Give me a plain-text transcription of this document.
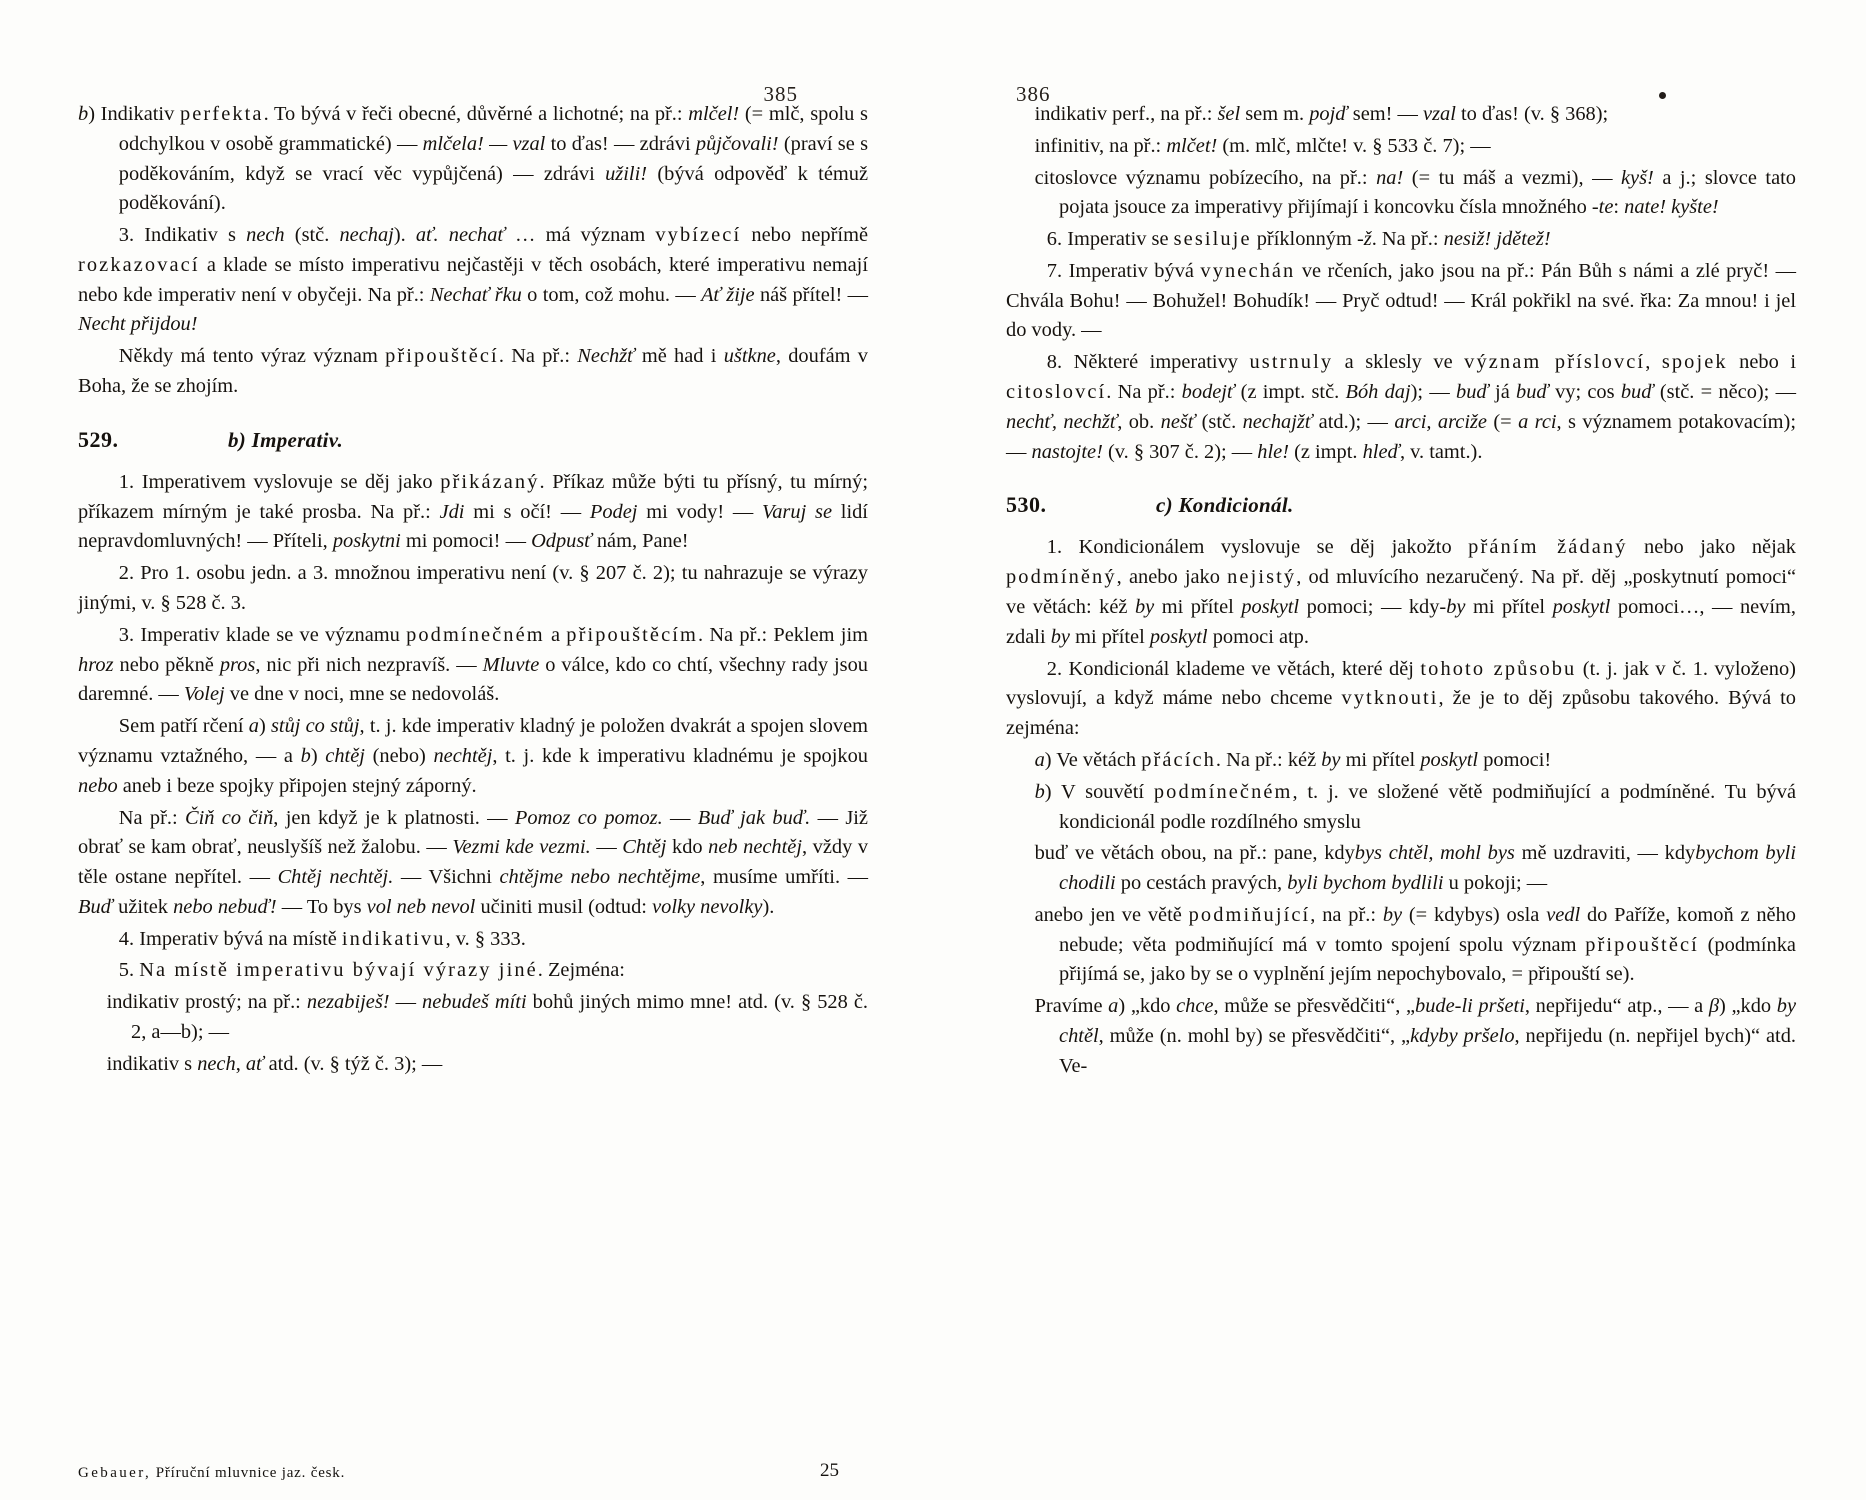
385

b) Indikativ perfekta. To bývá v řeči obecné, důvěrné a lichotné; na př.: mlčel! (= mlč, spolu s odchylkou v osobě grammatické) — mlčela! — vzal to ďas! — zdrávi půjčovali! (praví se s poděkováním, když se vrací věc vypůjčená) — zdrávi užili! (bývá odpověď k témuž poděkování).

3. Indikativ s nech (stč. nechaj). ať. nechať … má význam vybízecí nebo nepřímě rozkazovací a klade se místo imperativu nejčastěji v těch osobách, které imperativu nemají nebo kde imperativ není v obyčeji. Na př.: Nechať řku o tom, což mohu. — Ať žije náš přítel! — Necht přijdou!

Někdy má tento výraz význam připouštěcí. Na př.: Nechžť mě had i uštkne, doufám v Boha, že se zhojím.

529.	b) Imperativ.

1. Imperativem vyslovuje se děj jako přikázaný. Příkaz může býti tu přísný, tu mírný; příkazem mírným je také prosba. Na př.: Jdi mi s očí! — Podej mi vody! — Varuj se lidí nepravdomluvných! — Příteli, poskytni mi pomoci! — Odpusť nám, Pane!

2. Pro 1. osobu jedn. a 3. množnou imperativu není (v. § 207 č. 2); tu nahrazuje se výrazy jinými, v. § 528 č. 3.

3. Imperativ klade se ve významu podmínečném a připouštěcím. Na př.: Peklem jim hroz nebo pěkně pros, nic při nich nezpravíš. — Mluvte o válce, kdo co chtí, všechny rady jsou daremné. — Volej ve dne v noci, mne se nedovoláš.

Sem patří rčení a) stůj co stůj, t. j. kde imperativ kladný je položen dvakrát a spojen slovem významu vztažného, — a b) chtěj (nebo) nechtěj, t. j. kde k imperativu kladnému je spojkou nebo aneb i beze spojky připojen stejný záporný.

Na př.: Čiň co čiň, jen když je k platnosti. — Pomoz co pomoz. — Buď jak buď. — Již obrať se kam obrať, neuslyšíš než žalobu. — Vezmi kde vezmi. — Chtěj kdo neb nechtěj, vždy v těle ostane nepřítel. — Chtěj nechtěj. — Všichni chtějme nebo nechtějme, musíme umříti. — Buď užitek nebo nebuď! — To bys vol neb nevol učiniti musil (odtud: volky nevolky).

4. Imperativ bývá na místě indikativu, v. § 333.

5. Na místě imperativu bývají výrazy jiné. Zejména:

indikativ prostý; na př.: nezabiješ! — nebudeš míti bohů jiných mimo mne! atd. (v. § 528 č. 2, a—b); —

indikativ s nech, ať atd. (v. § týž č. 3); —

386

indikativ perf., na př.: šel sem m. pojď sem! — vzal to ďas! (v. § 368);

infinitiv, na př.: mlčet! (m. mlč, mlčte! v. § 533 č. 7); —

citoslovce významu pobízecího, na př.: na! (= tu máš a vezmi), — kyš! a j.; slovce tato pojata jsouce za imperativy přijímají i koncovku čísla množného -te: nate! kyšte!

6. Imperativ se sesiluje příklonným -ž. Na př.: nesiž! jdětež!

7. Imperativ bývá vynechán ve rčeních, jako jsou na př.: Pán Bůh s námi a zlé pryč! — Chvála Bohu! — Bohužel! Bohudík! — Pryč odtud! — Král pokřikl na své. řka: Za mnou! i jel do vody. —

8. Některé imperativy ustrnuly a sklesly ve význam příslovcí, spojek nebo i citoslovcí. Na př.: bodejť (z impt. stč. Bóh daj); — buď já buď vy; cos buď (stč. = něco); — nechť, nechžť, ob. nešť (stč. nechajžť atd.); — arci, arciže (= a rci, s významem potakovacím); — nastojte! (v. § 307 č. 2); — hle! (z impt. hleď, v. tamt.).

530.	c) Kondicionál.

1. Kondicionálem vyslovuje se děj jakožto přáním žádaný nebo jako nějak podmíněný, anebo jako nejistý, od mluvícího nezaručený. Na př. děj „poskytnutí pomoci“ ve větách: kéž by mi přítel poskytl pomoci; — kdy-by mi přítel poskytl pomoci…, — nevím, zdali by mi přítel poskytl pomoci atp.

2. Kondicionál klademe ve větách, které děj tohoto způsobu (t. j. jak v č. 1. vyloženo) vyslovují, a když máme nebo chceme vytknouti, že je to děj způsobu takového. Bývá to zejména:

a) Ve větách přácích. Na př.: kéž by mi přítel poskytl pomoci!

b) V souvětí podmínečném, t. j. ve složené větě podmiňující a podmíněné. Tu bývá kondicionál podle rozdílného smyslu

buď ve větách obou, na př.: pane, kdybys chtěl, mohl bys mě uzdraviti, — kdybychom byli chodili po cestách pravých, byli bychom bydlili u pokoji; —

anebo jen ve větě podmiňující, na př.: by (= kdybys) osla vedl do Paříže, komoň z něho nebude; věta podmiňující má v tomto spojení spolu význam připouštěcí (podmínka přijímá se, jako by se o vyplnění jejím nepochybovalo, = připouští se).

Pravíme a) „kdo chce, může se přesvědčiti“, „bude-li pršeti, nepřijedu“ atp., — a β) „kdo by chtěl, může (n. mohl by) se přesvědčiti“, „kdyby pršelo, nepřijedu (n. nepřijel bych)“ atd. Ve-

Gebauer, Příruční mluvnice jaz. česk.	25
